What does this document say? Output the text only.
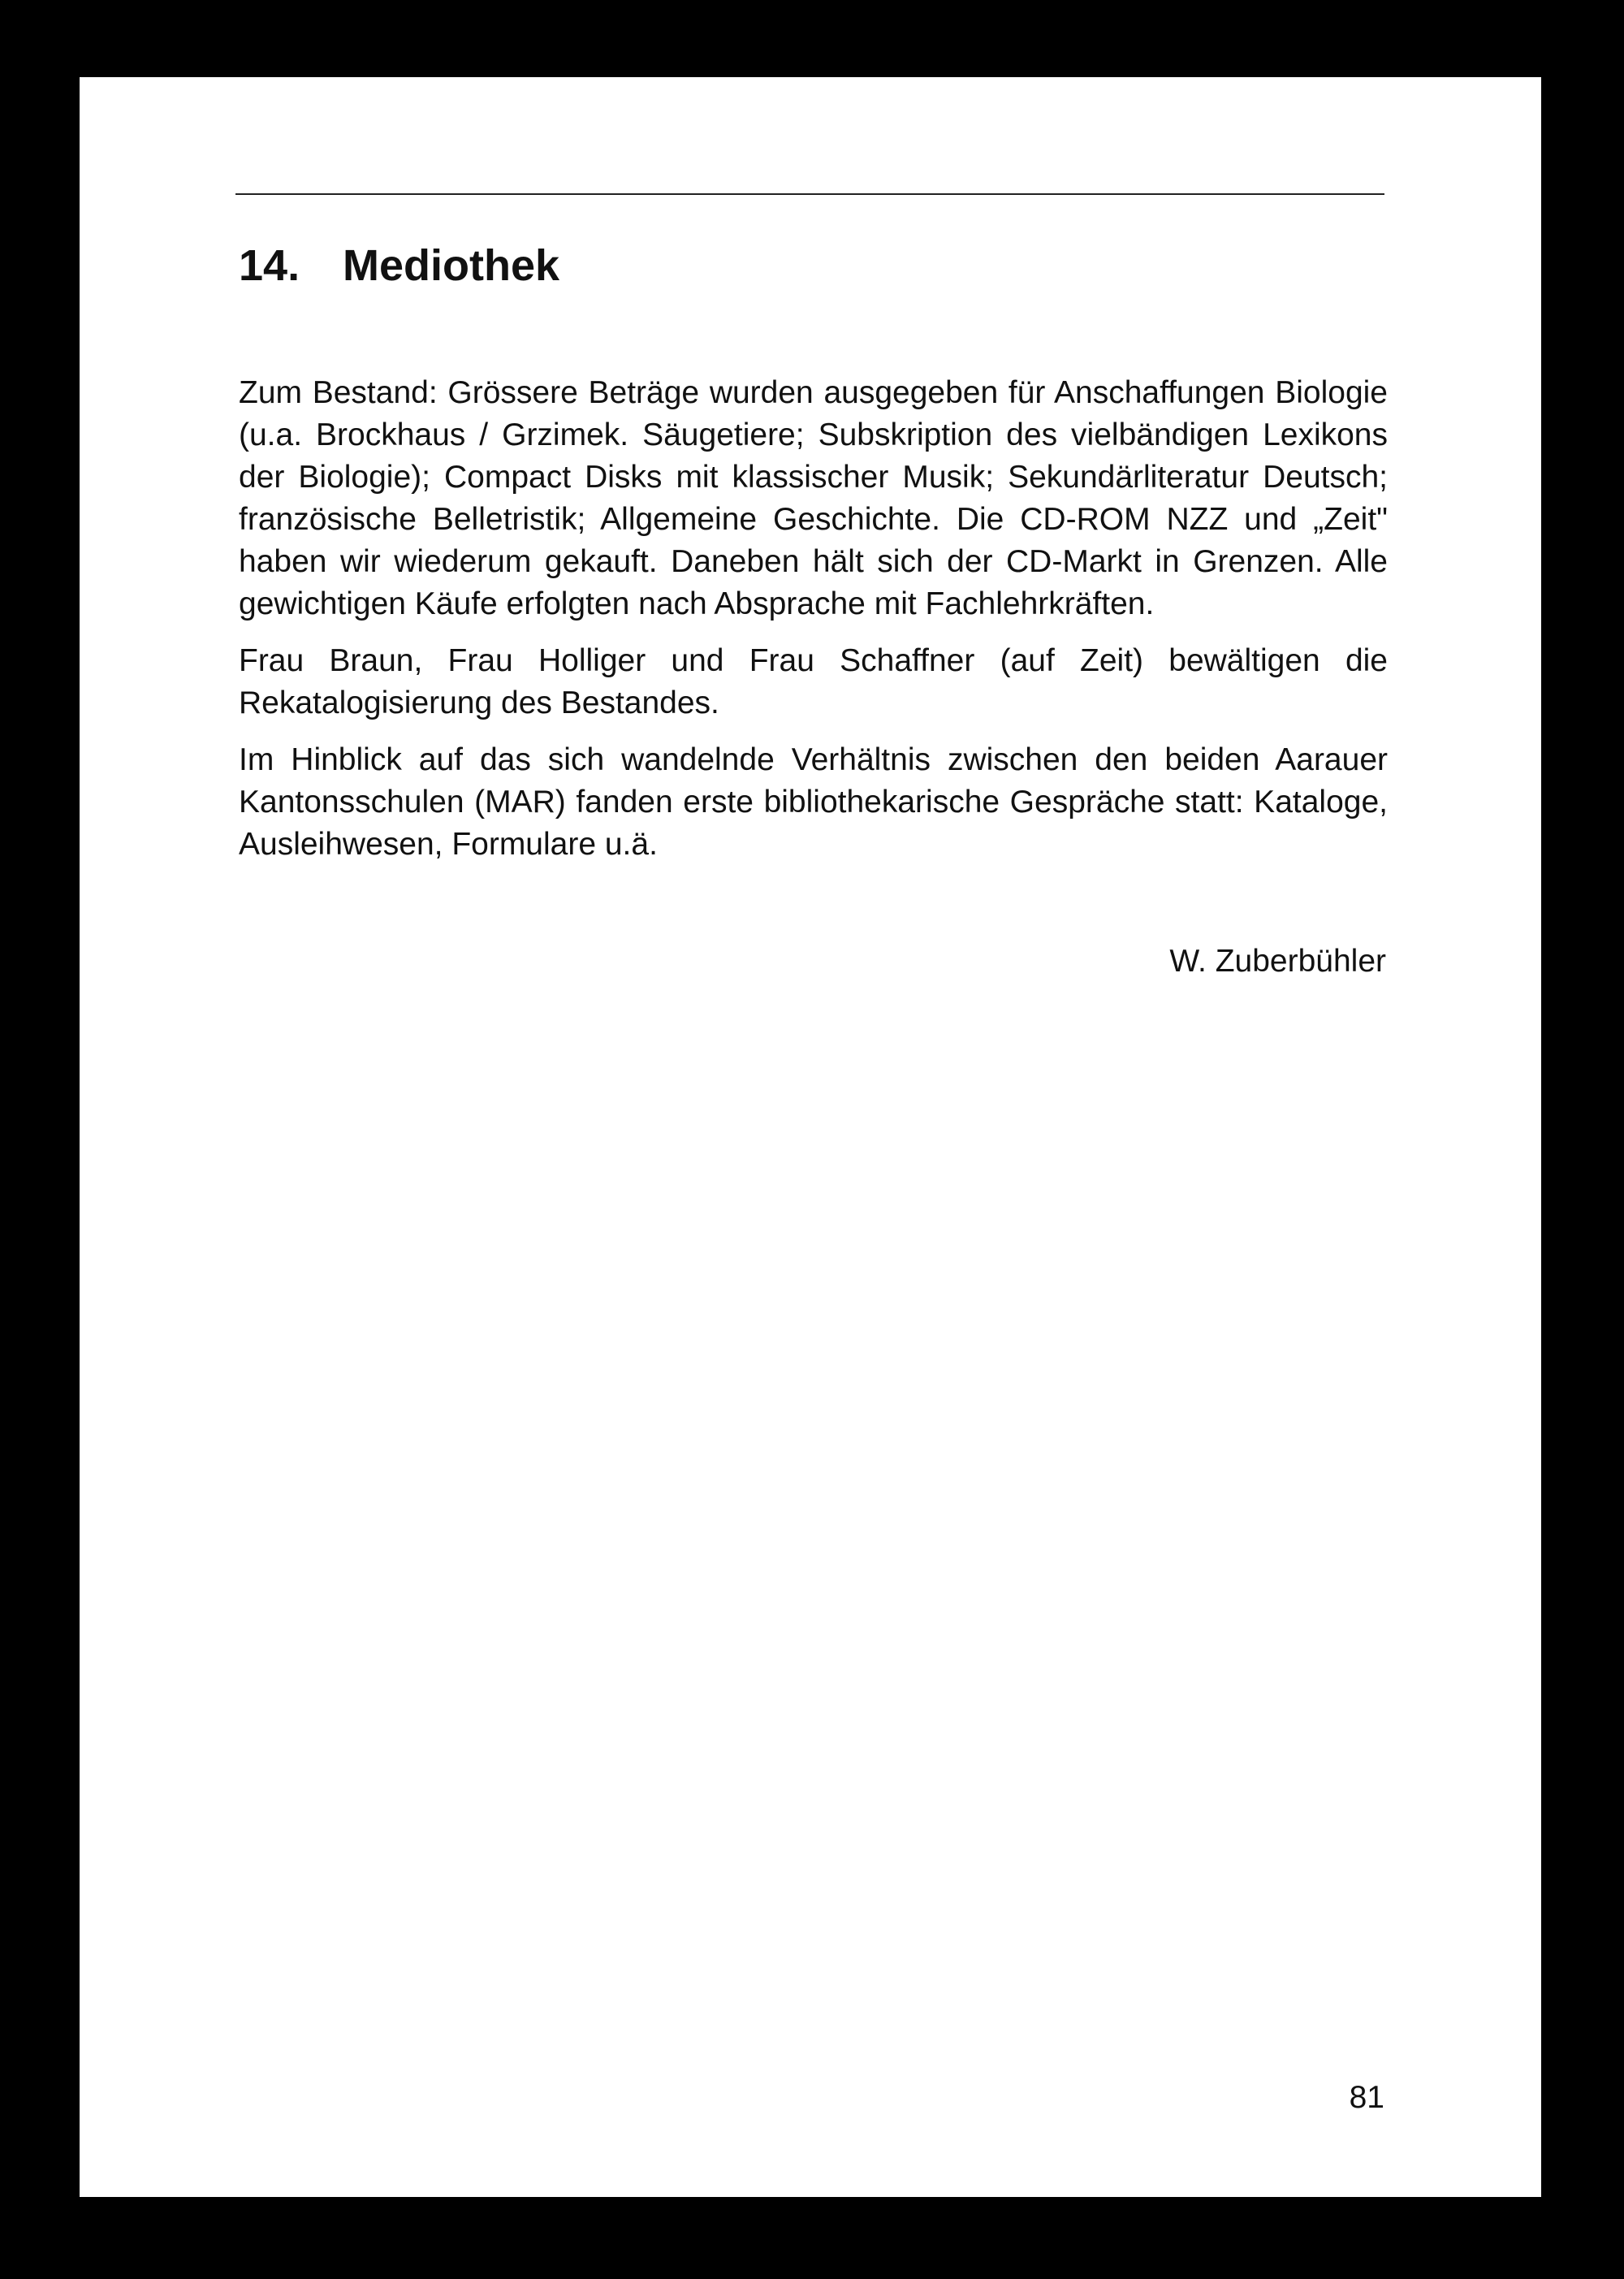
14. Mediothek

Zum Bestand: Grössere Beträge wurden ausgegeben für Anschaffungen Biologie (u.a. Brockhaus / Grzimek. Säugetiere; Subskription des vielbändigen Lexikons der Biologie); Compact Disks mit klassischer Musik; Sekundärliteratur Deutsch; französische Belletristik; Allgemeine Geschichte. Die CD-ROM NZZ und „Zeit" haben wir wiederum gekauft. Daneben hält sich der CD-Markt in Grenzen. Alle gewichtigen Käufe erfolgten nach Absprache mit Fachlehrkräften.

Frau Braun, Frau Holliger und Frau Schaffner (auf Zeit) bewältigen die Rekatalogisierung des Bestandes.

Im Hinblick auf das sich wandelnde Verhältnis zwischen den beiden Aarauer Kantonsschulen (MAR) fanden erste bibliothekarische Gespräche statt: Kataloge, Ausleihwesen, Formulare u.ä.

W. Zuberbühler

81
